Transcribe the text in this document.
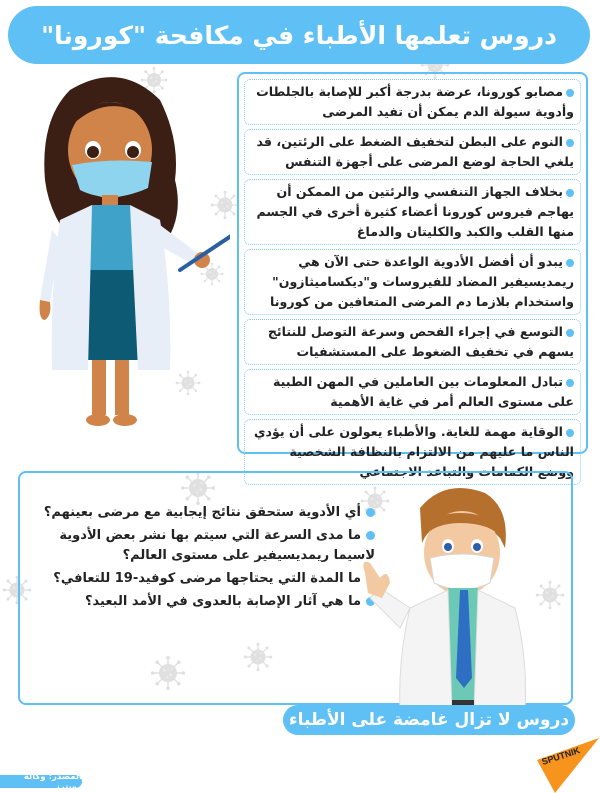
دروس تعلمها الأطباء في مكافحة "كورونا"
مصابو كورونا، عرضة بدرجة أكبر للإصابة بالجلطات وأدوية سيولة الدم يمكن أن تفيد المرضى
النوم على البطن لتخفيف الضغط على الرئتين، قد يلغي الحاجة لوضع المرضى على أجهزة التنفس
بخلاف الجهاز التنفسي والرئتين من الممكن أن يهاجم فيروس كورونا أعضاء كثيرة أخرى في الجسم منها القلب والكبد والكليتان والدماغ
يبدو أن أفضل الأدوية الواعدة حتى الآن هي ريمديسيفير المضاد للفيروسات و"ديكساميثازون" واستخدام بلازما دم المرضى المتعافين من كورونا
التوسع في إجراء الفحص وسرعة التوصل للنتائج يسهم في تخفيف الضغوط على المستشفيات
تبادل المعلومات بين العاملين في المهن الطبية على مستوى العالم أمر في غاية الأهمية
الوقاية مهمة للغاية. والأطباء يعولون على أن يؤدي الناس ما عليهم من الالتزام بالنظافة الشخصية ووضع الكمامات والتباعد الاجتماعي
أي الأدوية ستحقق نتائج إيجابية مع مرضى بعينهم؟
ما مدى السرعة التي سيتم بها نشر بعض الأدوية لاسيما ريمديسيفير على مستوى العالم؟
ما المدة التي يحتاجها مرضى كوفيد-19 للتعافي؟
ما هي آثار الإصابة بالعدوى في الأمد البعيد؟
دروس لا تزال غامضة على الأطباء
SPUTNIK
المصدر: وكالة رويترز
